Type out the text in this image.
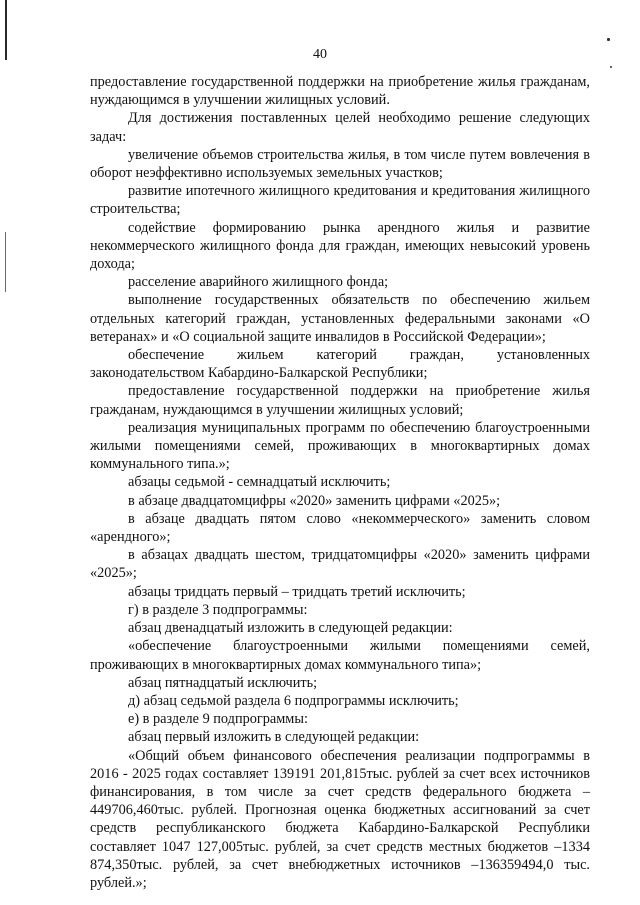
40

предоставление государственной поддержки на приобретение жилья гражданам, нуждающимся в улучшении жилищных условий.

Для достижения поставленных целей необходимо решение следующих задач:

увеличение объемов строительства жилья, в том числе путем вовлечения в оборот неэффективно используемых земельных участков;

развитие ипотечного жилищного кредитования и кредитования жилищного строительства;

содействие формированию рынка арендного жилья и развитие некоммерческого жилищного фонда для граждан, имеющих невысокий уровень дохода;

расселение аварийного жилищного фонда;

выполнение государственных обязательств по обеспечению жильем отдельных категорий граждан, установленных федеральными законами «О ветеранах» и «О социальной защите инвалидов в Российской Федерации»;

обеспечение жильем категорий граждан, установленных законодательством Кабардино-Балкарской Республики;

предоставление государственной поддержки на приобретение жилья гражданам, нуждающимся в улучшении жилищных условий;

реализация муниципальных программ по обеспечению благоустроенными жилыми помещениями семей, проживающих в многоквартирных домах коммунального типа.»;

абзацы седьмой - семнадцатый исключить;

в абзаце двадцатомцифры «2020» заменить цифрами «2025»;

в абзаце двадцать пятом слово «некоммерческого» заменить словом «арендного»;

в абзацах двадцать шестом, тридцатомцифры «2020» заменить цифрами «2025»;

абзацы тридцать первый – тридцать третий исключить;

г) в разделе 3 подпрограммы:

абзац двенадцатый изложить в следующей редакции:

«обеспечение благоустроенными жилыми помещениями семей, проживающих в многоквартирных домах коммунального типа»;

абзац пятнадцатый исключить;

д) абзац седьмой раздела 6 подпрограммы исключить;

е) в разделе 9 подпрограммы:

абзац первый изложить в следующей редакции:

«Общий объем финансового обеспечения реализации подпрограммы в 2016 - 2025 годах составляет 139191 201,815тыс. рублей за счет всех источников финансирования, в том числе за счет средств федерального бюджета –449706,460тыс. рублей. Прогнозная оценка бюджетных ассигнований за счет средств республиканского бюджета Кабардино-Балкарской Республики составляет 1047 127,005тыс. рублей, за счет средств местных бюджетов –1334 874,350тыс. рублей, за счет внебюджетных источников –136359494,0 тыс. рублей.»;
